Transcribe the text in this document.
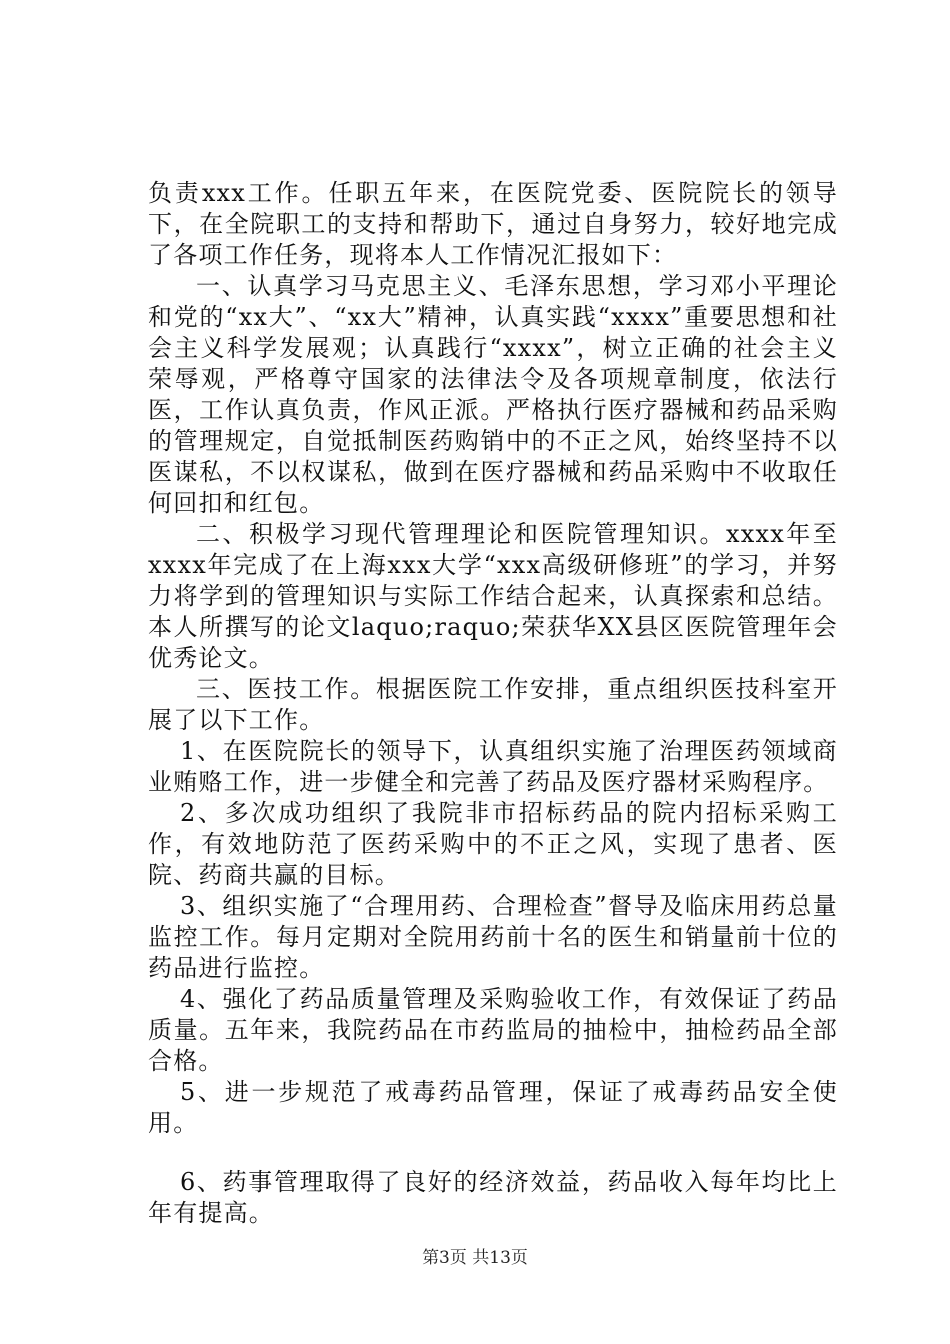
负责xxx工作。任职五年来，在医院党委、医院院长的领导下，在全院职工的支持和帮助下，通过自身努力，较好地完成了各项工作任务，现将本人工作情况汇报如下：

一、认真学习马克思主义、毛泽东思想，学习邓小平理论和党的“xx大”、“xx大”精神，认真实践“xxxx”重要思想和社会主义科学发展观；认真践行“xxxx”，树立正确的社会主义荣辱观，严格尊守国家的法律法令及各项规章制度，依法行医，工作认真负责，作风正派。严格执行医疗器械和药品采购的管理规定，自觉抵制医药购销中的不正之风，始终坚持不以医谋私，不以权谋私，做到在医疗器械和药品采购中不收取任何回扣和红包。

二、积极学习现代管理理论和医院管理知识。xxxx年至xxxx年完成了在上海xxx大学“xxx高级研修班”的学习，并努力将学到的管理知识与实际工作结合起来，认真探索和总结。本人所撰写的论文laquo;raquo;荣获华XX县区医院管理年会优秀论文。

三、医技工作。根据医院工作安排，重点组织医技科室开展了以下工作。

1、在医院院长的领导下，认真组织实施了治理医药领域商业贿赂工作，进一步健全和完善了药品及医疗器材采购程序。

2、多次成功组织了我院非市招标药品的院内招标采购工作，有效地防范了医药采购中的不正之风，实现了患者、医院、药商共赢的目标。

3、组织实施了“合理用药、合理检查”督导及临床用药总量监控工作。每月定期对全院用药前十名的医生和销量前十位的药品进行监控。

4、强化了药品质量管理及采购验收工作，有效保证了药品质量。五年来，我院药品在市药监局的抽检中，抽检药品全部合格。

5、进一步规范了戒毒药品管理，保证了戒毒药品安全使用。

6、药事管理取得了良好的经济效益，药品收入每年均比上年有提高。

第3页 共13页
